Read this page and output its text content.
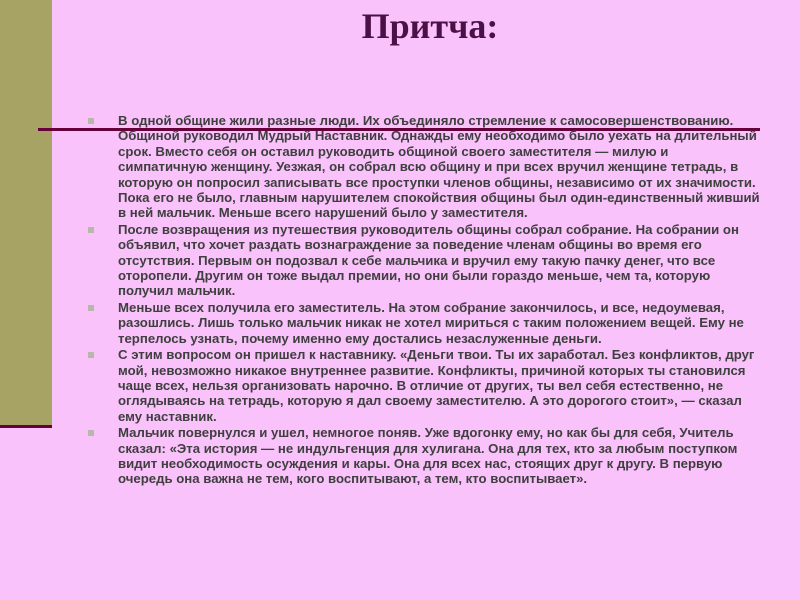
Притча:
В одной общине жили разные люди. Их объединяло стремление к самосовершенствованию. Общиной руководил Мудрый Наставник. Однажды ему необходимо было уехать на длительный срок. Вместо себя он оставил руководить общиной своего заместителя — милую и симпатичную женщину. Уезжая, он собрал всю общину и при всех вручил женщине тетрадь, в которую он попросил записывать все проступки членов общины, независимо от их значимости. Пока его не было, главным нарушителем спокойствия общины был один-единственный живший в ней мальчик. Меньше всего нарушений было у заместителя.
После возвращения из путешествия руководитель общины собрал собрание. На собрании он объявил, что хочет раздать вознаграждение за поведение членам общины во время его отсутствия. Первым он подозвал к себе мальчика и вручил ему такую пачку денег, что все оторопели. Другим он тоже выдал премии, но они были гораздо меньше, чем та, которую получил мальчик.
Меньше всех получила его заместитель. На этом собрание закончилось, и все, недоумевая, разошлись. Лишь только мальчик никак не хотел мириться с таким положением вещей. Ему не терпелось узнать, почему именно ему достались незаслуженные деньги.
С этим вопросом он пришел к наставнику. «Деньги твои. Ты их заработал. Без конфликтов, друг мой, невозможно никакое внутреннее развитие. Конфликты, причиной которых ты становился чаще всех, нельзя организовать нарочно. В отличие от других, ты вел себя естественно, не оглядываясь на тетрадь, которую я дал своему заместителю. А это дорогого стоит», — сказал ему наставник.
Мальчик повернулся и ушел, немногое поняв. Уже вдогонку ему, но как бы для себя, Учитель сказал: «Эта история — не индульгенция для хулигана. Она для тех, кто за любым поступком видит необходимость осуждения и кары. Она для всех нас, стоящих друг к другу. В первую очередь она важна не тем, кого воспитывают, а тем, кто воспитывает».
